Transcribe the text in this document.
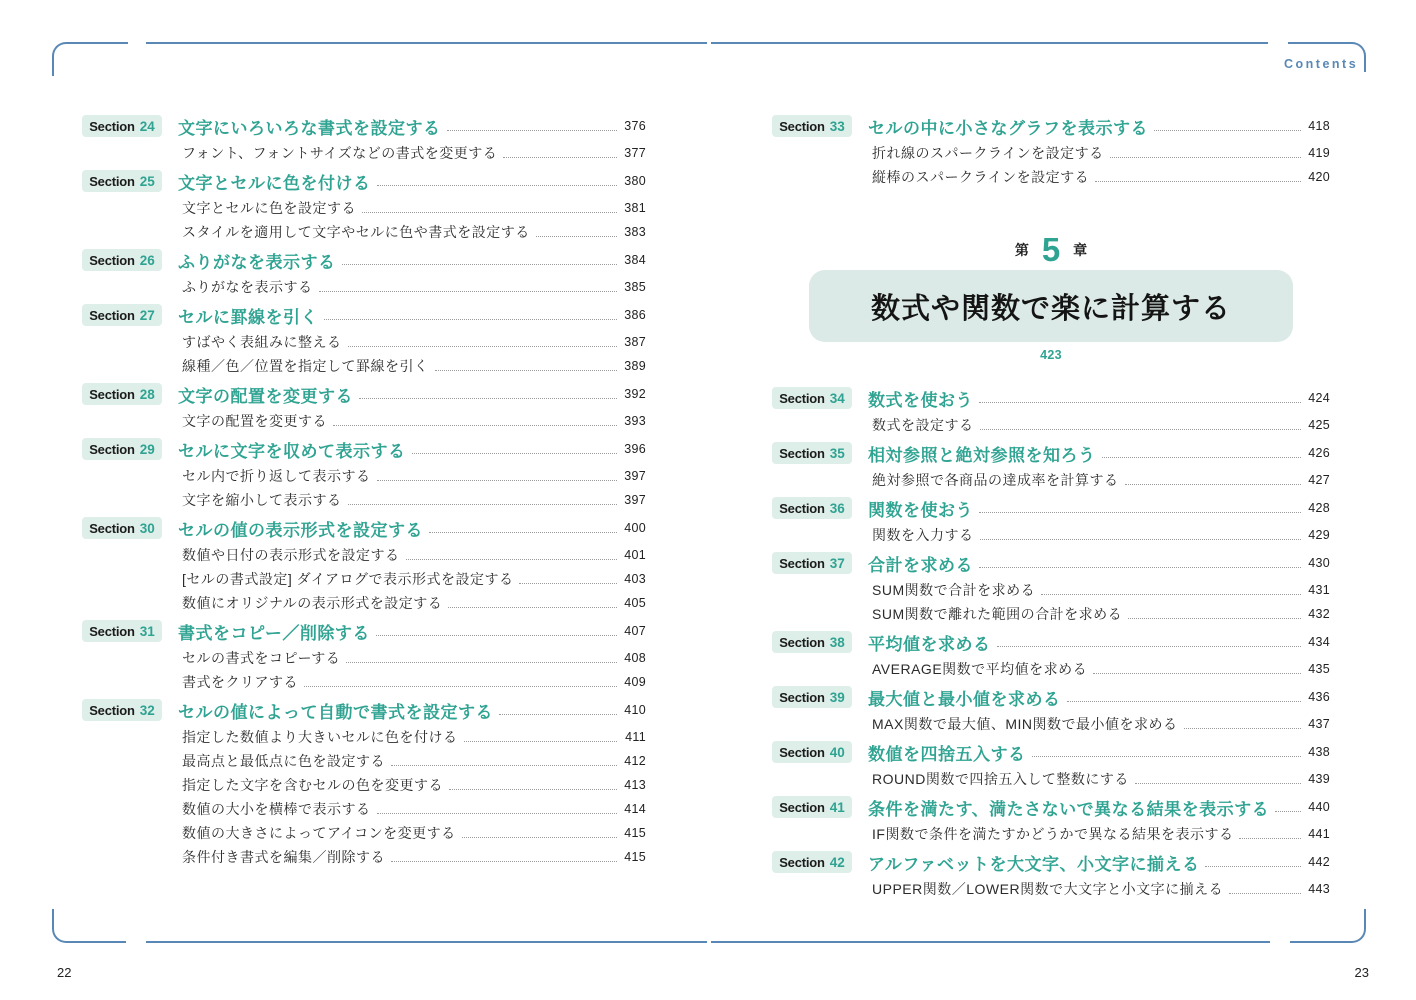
Contents
Section 24 文字にいろいろな書式を設定する	376
フォント、フォントサイズなどの書式を変更する	377
Section 25 文字とセルに色を付ける	380
文字とセルに色を設定する	381
スタイルを適用して文字やセルに色や書式を設定する	383
Section 26 ふりがなを表示する	384
ふりがなを表示する	385
Section 27 セルに罫線を引く	386
すばやく表組みに整える	387
線種／色／位置を指定して罫線を引く	389
Section 28 文字の配置を変更する	392
文字の配置を変更する	393
Section 29 セルに文字を収めて表示する	396
セル内で折り返して表示する	397
文字を縮小して表示する	397
Section 30 セルの値の表示形式を設定する	400
数値や日付の表示形式を設定する	401
[セルの書式設定] ダイアログで表示形式を設定する	403
数値にオリジナルの表示形式を設定する	405
Section 31 書式をコピー／削除する	407
セルの書式をコピーする	408
書式をクリアする	409
Section 32 セルの値によって自動で書式を設定する	410
指定した数値より大きいセルに色を付ける	411
最高点と最低点に色を設定する	412
指定した文字を含むセルの色を変更する	413
数値の大小を横棒で表示する	414
数値の大きさによってアイコンを変更する	415
条件付き書式を編集／削除する	415
Section 33 セルの中に小さなグラフを表示する	418
折れ線のスパークラインを設定する	419
縦棒のスパークラインを設定する	420
第 5 章
数式や関数で楽に計算する
423
Section 34 数式を使おう	424
数式を設定する	425
Section 35 相対参照と絶対参照を知ろう	426
絶対参照で各商品の達成率を計算する	427
Section 36 関数を使おう	428
関数を入力する	429
Section 37 合計を求める	430
SUM関数で合計を求める	431
SUM関数で離れた範囲の合計を求める	432
Section 38 平均値を求める	434
AVERAGE関数で平均値を求める	435
Section 39 最大値と最小値を求める	436
MAX関数で最大値、MIN関数で最小値を求める	437
Section 40 数値を四捨五入する	438
ROUND関数で四捨五入して整数にする	439
Section 41 条件を満たす、満たさないで異なる結果を表示する	440
IF関数で条件を満たすかどうかで異なる結果を表示する	441
Section 42 アルファベットを大文字、小文字に揃える	442
UPPER関数／LOWER関数で大文字と小文字に揃える	443
22	23
